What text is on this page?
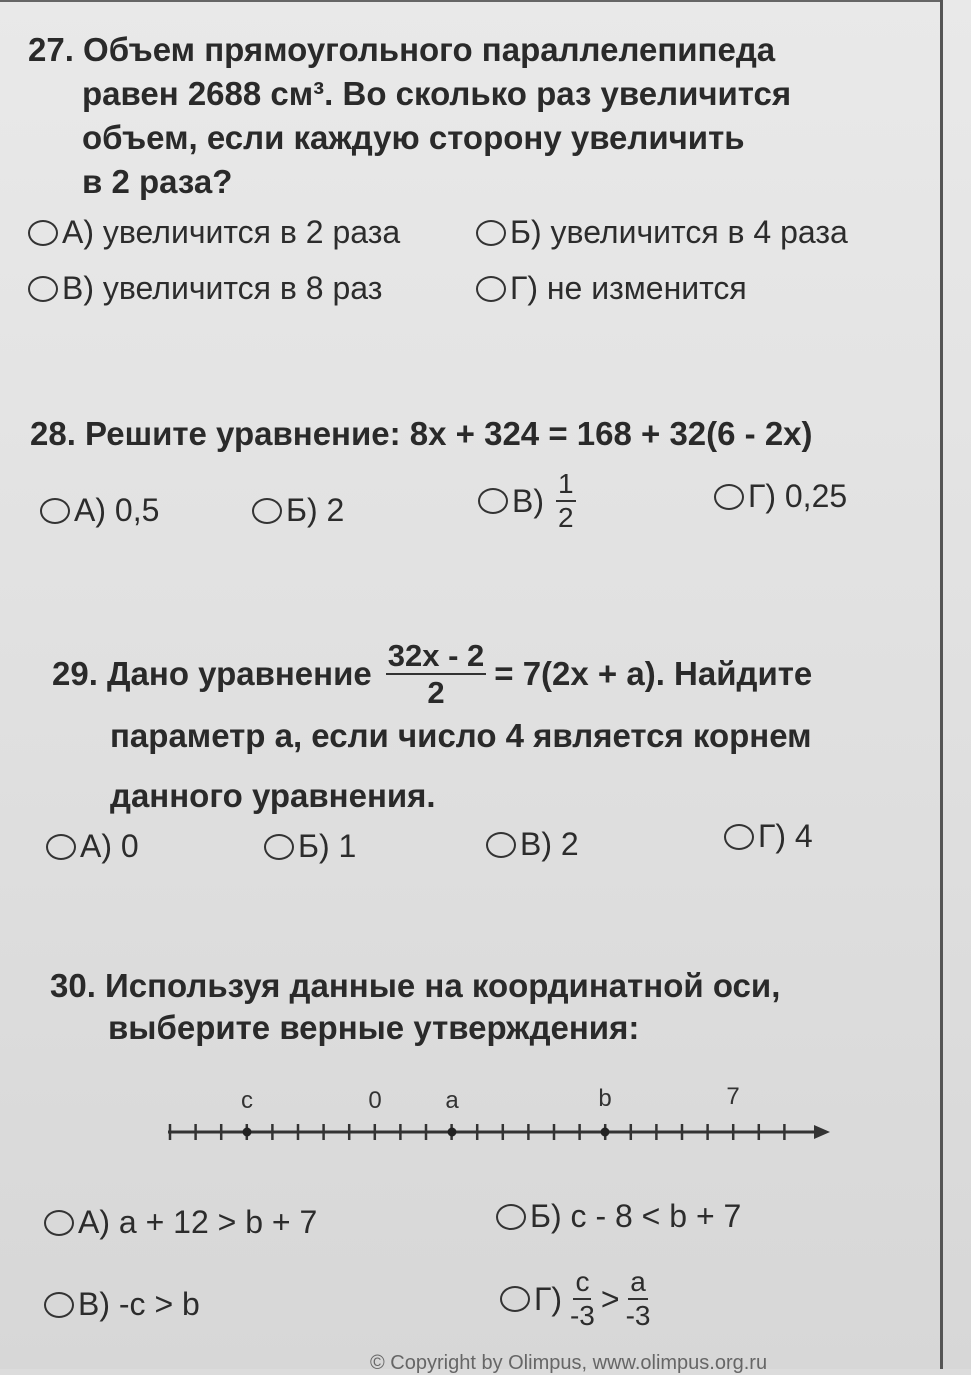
27. Объем прямоугольного параллелепипеда
равен 2688 см³. Во сколько раз увеличится
объем, если каждую сторону увеличить
в 2 раза?
А) увеличится в 2 раза	Б) увеличится в 4 раза
В) увеличится в 8 раз	Г) не изменится
28. Решите уравнение: 8x + 324 = 168 + 32(6 - 2x)
А) 0,5	Б) 2	$В) \frac{1}{2}$	Г) 0,25
29. Дано уравнение $\frac{32x - 2}{2} = 7(2x + a)$. Найдите
параметр а, если число 4 является корнем
данного уравнения.
А) 0	Б) 1	В) 2	Г) 4
30. Используя данные на координатной оси,
выберите верные утверждения:
c	0	a	b	7
А) a + 12 > b + 7	Б) c - 8 < b + 7
В) -c > b	$Г) \frac{c}{-3} > \frac{a}{-3}$
© Copyright by Olimpus, www.olimpus.org.ru
